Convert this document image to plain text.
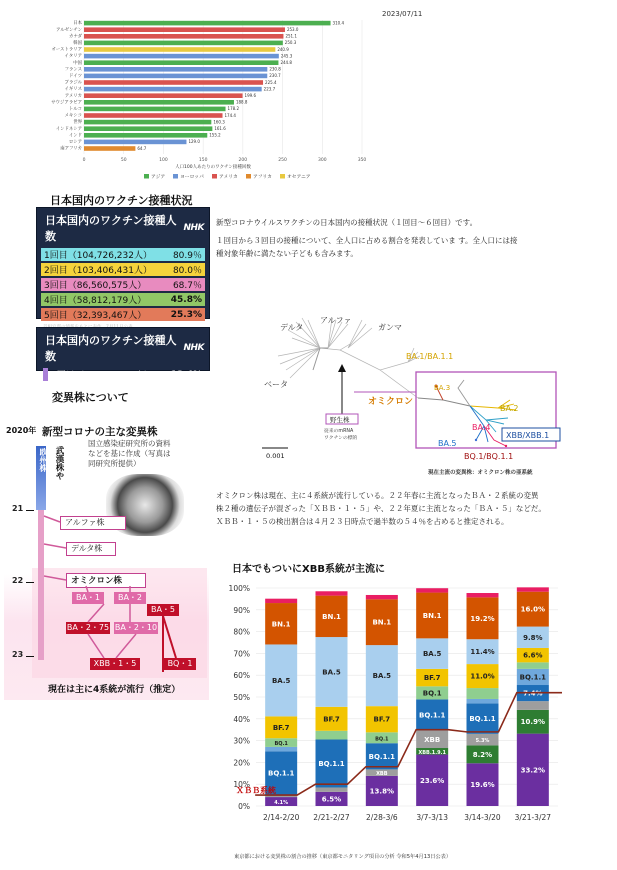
2023/07/11
0	50	100	150	200	250	300	350
日本	310.4
アルゼンチン	253.0
カナダ	251.1
韓国	250.3
オーストラリア	240.9
イタリア	245.3
中国	244.8
フランス	230.8
ドイツ	230.7
ブラジル	225.4
イギリス	223.7
アメリカ	199.6
サウジアラビア	188.8
トルコ	178.2
メキシコ	174.4
世界	160.3
インドネシア	161.6
インド	155.2
ロシア	129.0
南アフリカ	64.7
人口100人あたりのワクチン接種回数
アジア	ヨーロッパ	アメリカ	アフリカ	オセアニア
日本国内のワクチン接種状況
日本国内のワクチン接種人数
NHK
1回目（104,726,232人） 80.9％
2回目（103,406,431人） 80.0％
3回目（86,560,575人）	68.7％
4回目（58,812,179人）	45.8%
5回目（32,393,467人）	25.3%
日本国内のワクチン接種人数
NHK
6回目（17,031,429人） 13.4%
新型コロナウイルスワクチンの日本国内の接種状況（１回目〜６回目）です。
１回目から３回目の接種について、全人口に占める割合を発表していま す。全人口には接
種対象年齢に満たない子どもも含みます。
変異株について
デルタ
アルファ
ガンマ
BA.1/BA.1.1
ベータ
オミクロン
BA.3
BA.2
BA.4
BA.5
XBB/XBB.1
BQ.1/BQ.1.1
野生株
従来のmRNA
ワクチンの標的
0.001
現在主流の変異株：オミクロン株の亜系統
新型コロナの主な変異株
国立感染症研究所の資料
などを基に作成（写真は
同研究所提供）
2020年
21
22
23
欧州株 武漢株や
アルファ株
デルタ株
オミクロン株
BA・1	BA・2
BA・5
BA・2・75 BA・2・10
XBB・1・5	BQ・1
現在は主に4系統が流行（推定）
オミクロン株は現在、主に４系統が流行している。２２年春に主流となったＢＡ・２系統の変異
株２種の遺伝子が混ざった「ＸＢＢ・１・５」や、２２年夏に主流となった「ＢＡ・５」などだ。
ＸＢＢ・１・５の検出割合は４月２３日時点で過半数の５４％を占めると推定される。
日本でもついにXBB系統が主流に
0%
10%
20%
30%
40%
50%
60%
70%
80%
90%
100%
4.1%
BQ.1.1
BQ.1
BF.7
BA.5
BN.1
2/14-2/20
6.5%
BQ.1.1
BF.7
BA.5
BN.1
2/21-2/27
13.8%
XBB
BQ.1.1
BQ.1
BF.7
BA.5
BN.1
2/28-3/6
23.6%
XBB.1.9.1
XBB
BQ.1.1
BQ.1
BF.7
BA.5
BN.1
3/7-3/13
19.6%
8.2%
5.3%
BQ.1.1
11.0%
11.4%
19.2%
3/14-3/20
33.2%
10.9%
7.4%
BQ.1.1
6.6%
9.8%
16.0%
3/21-3/27
ＸＢＢ系統
東京都における変異株の割合の推移（東京都モニタリング項目の分析 令和5年4月13日公表）
